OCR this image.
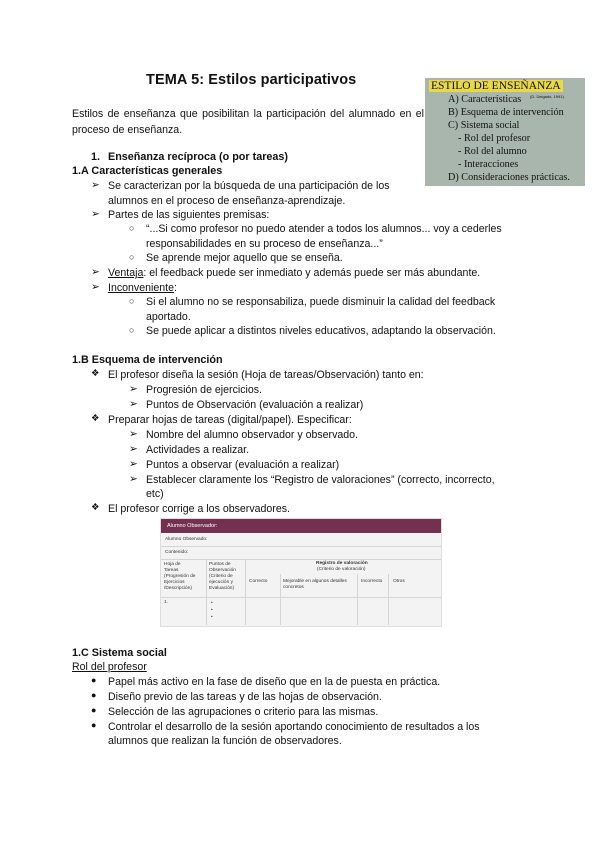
TEMA 5: Estilos participativos
Estilos de enseñanza que posibilitan la participación del alumnado en el proceso de enseñanza.
ESTILO DE ENSEÑANZA
A) Características
B) Esquema de intervención
C) Sistema social
- Rol del profesor
- Rol del alumno
- Interacciones
D) Consideraciones prácticas.
(D. Delgado, 1991)
1. Enseñanza recíproca (o por tareas)
1.A Características generales
➢ Se caracterizan por la búsqueda de una participación de los
alumnos en el proceso de enseñanza-aprendizaje.
➢ Partes de las siguientes premisas:
○ “...Si como profesor no puedo atender a todos los alumnos... voy a cederles
responsabilidades en su proceso de enseñanza...”
○ Se aprende mejor aquello que se enseña.
➢ Ventaja: el feedback puede ser inmediato y además puede ser más abundante.
➢ Inconveniente:
○ Si el alumno no se responsabiliza, puede disminuir la calidad del feedback
aportado.
○ Se puede aplicar a distintos niveles educativos, adaptando la observación.
1.B Esquema de intervención
❖ El profesor diseña la sesión (Hoja de tareas/Observación) tanto en:
➢ Progresión de ejercicios.
➢ Puntos de Observación (evaluación a realizar)
❖ Preparar hojas de tareas (digital/papel). Especificar:
➢ Nombre del alumno observador y observado.
➢ Actividades a realizar.
➢ Puntos a observar (evaluación a realizar)
➢ Establecer claramente los “Registro de valoraciones” (correcto, incorrecto,
etc)
❖ El profesor corrige a los observadores.
Alumno Observador:
Alumno Observado:
Contenido:
Hoja de
Tareas
(Progresión de
Ejercicios
/Descripción)
Puntos de
Observación
(Criterio de
ejecución y
Evaluación)
Registro de valoración
(Criterio de valoración)
Correcto	Mejorable en algunos detalles
concretos
Incorrecto Otros
1.	•
•
•
1.C Sistema social
Rol del profesor
● Papel más activo en la fase de diseño que en la de puesta en práctica.
● Diseño previo de las tareas y de las hojas de observación.
● Selección de las agrupaciones o criterio para las mismas.
● Controlar el desarrollo de la sesión aportando conocimiento de resultados a los
alumnos que realizan la función de observadores.
